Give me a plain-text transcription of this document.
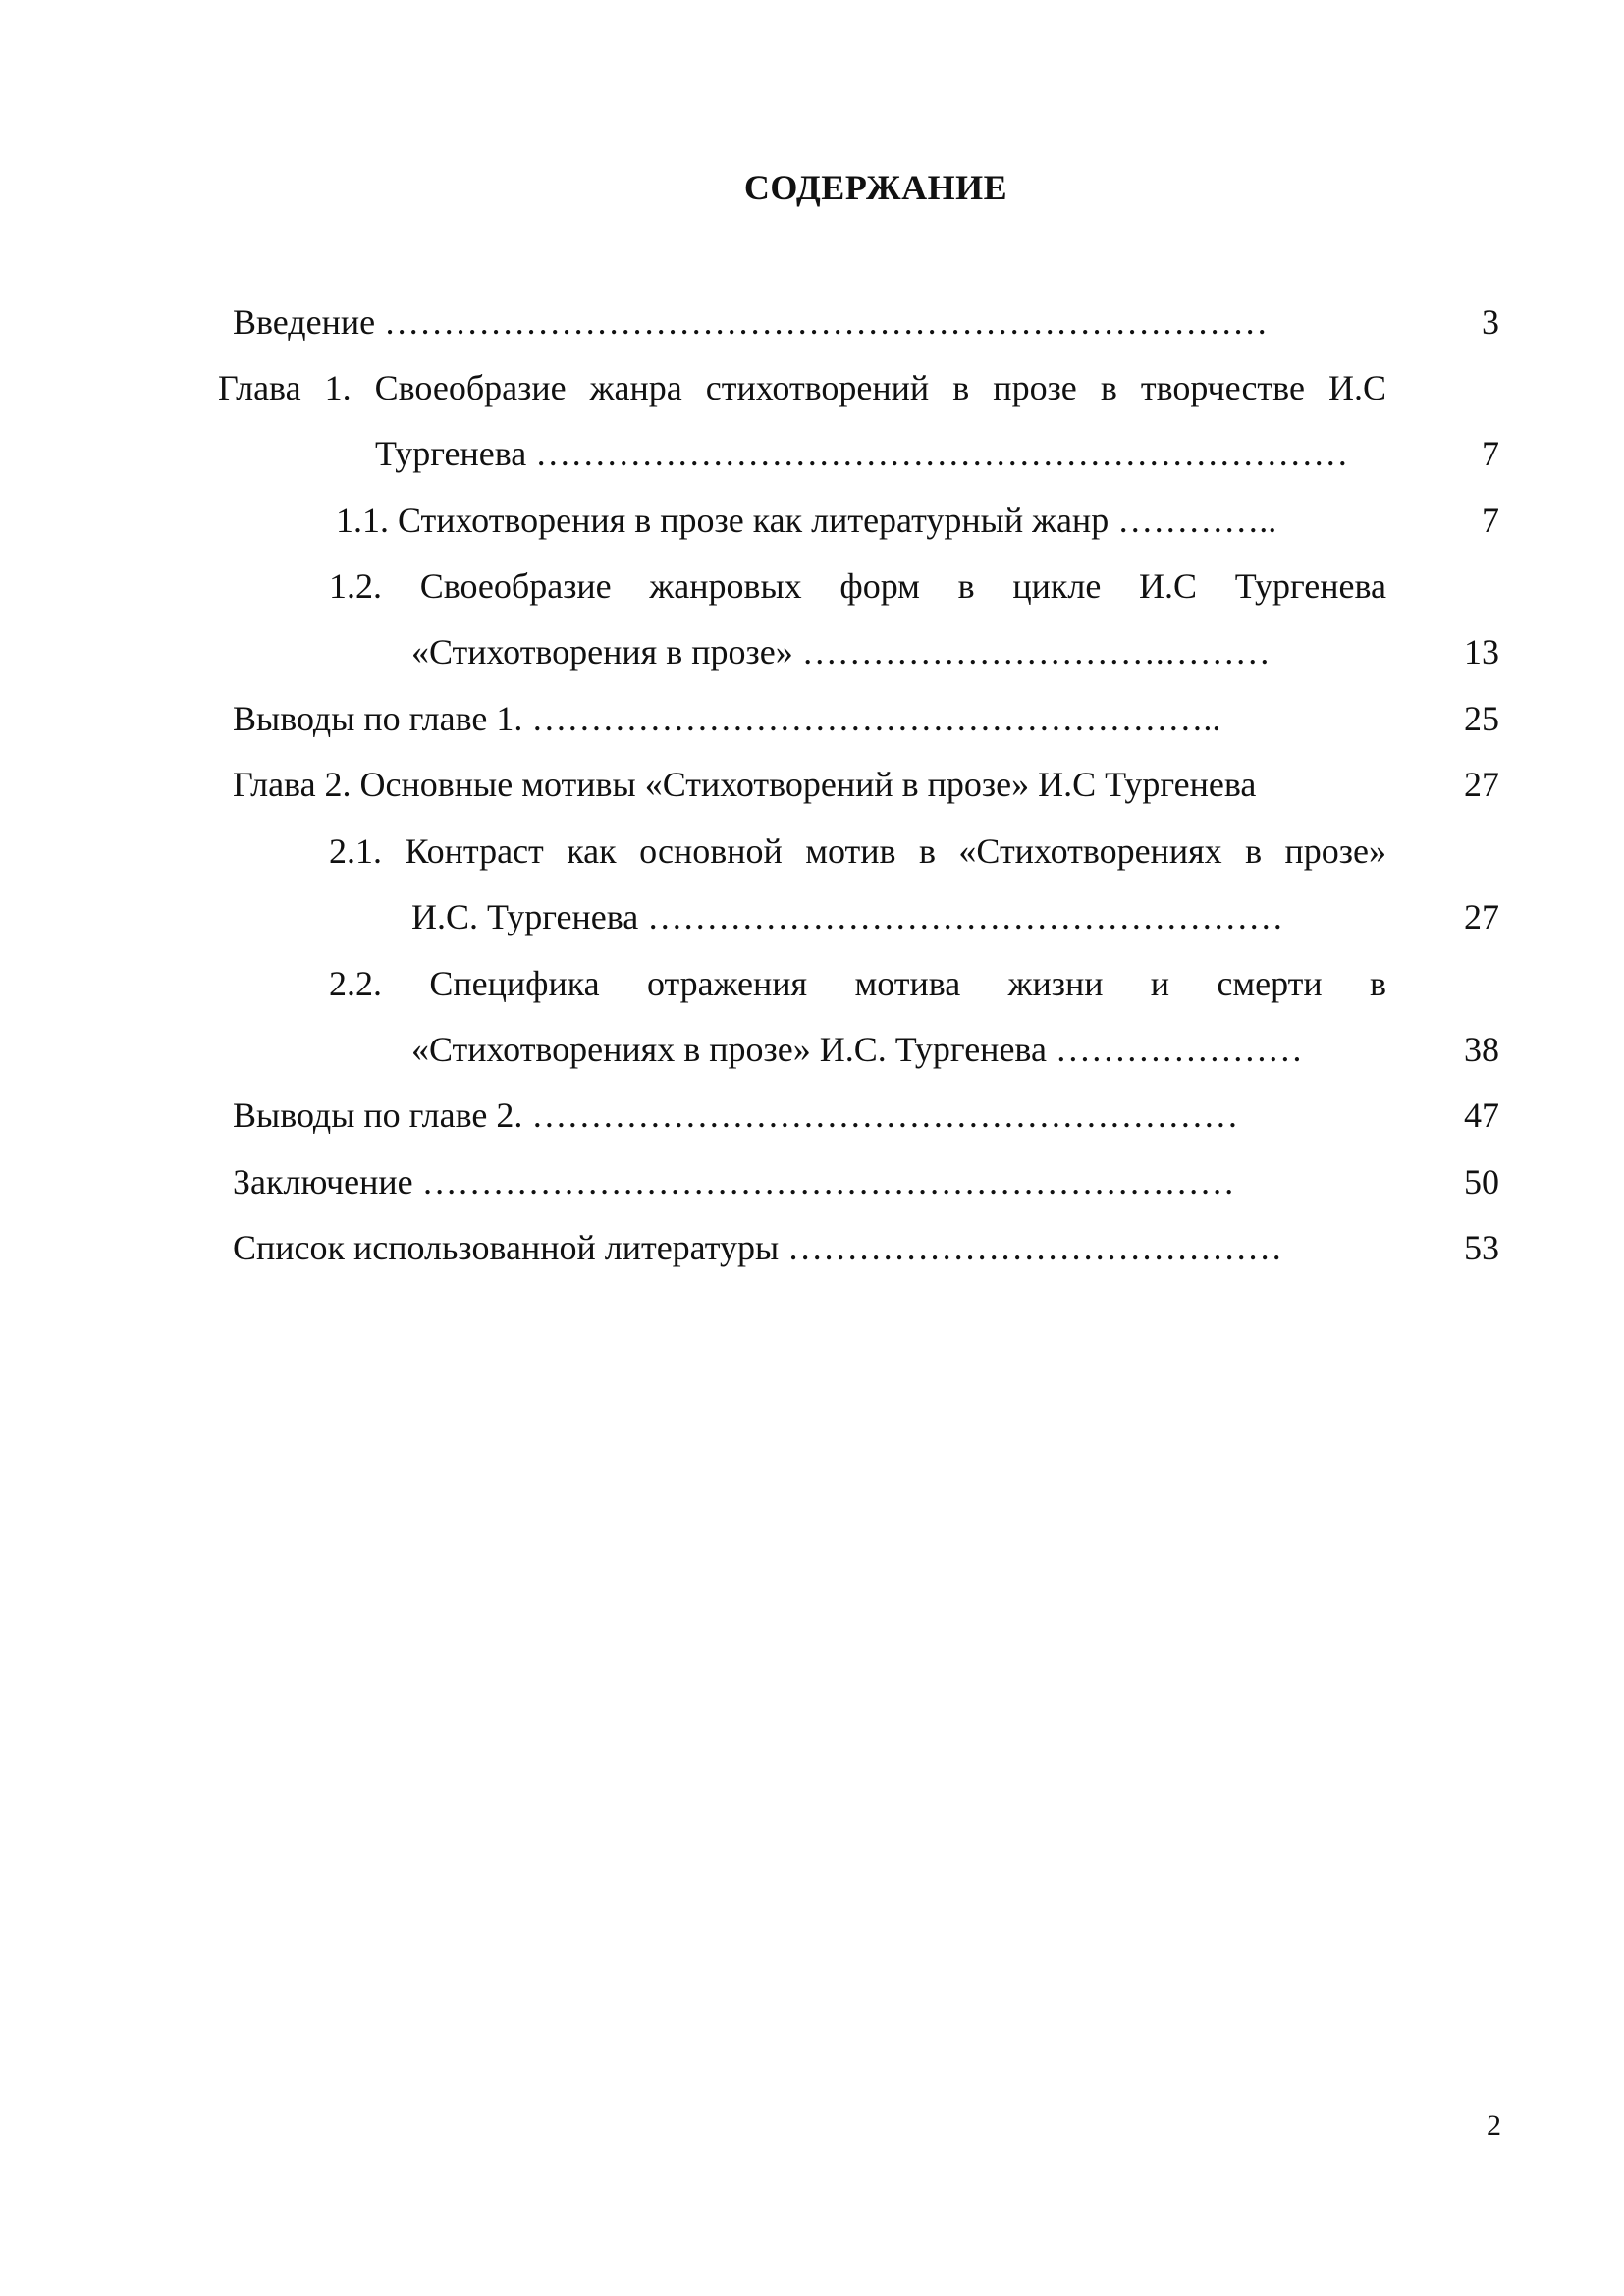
СОДЕРЖАНИЕ
Введение …………………………………………………………………	3
Глава 1. Своеобразие жанра стихотворений в прозе в творчестве И.С
Тургенева ……………………………………………………………	7
1.1. Стихотворения в прозе как литературный жанр …………..	7
1.2. Своеобразие жанровых форм в цикле И.С Тургенева
«Стихотворения в прозе» ………………………….………	13
Выводы по главе 1. …………………………………………………..	25
Глава 2. Основные мотивы «Стихотворений в прозе» И.С Тургенева	27
2.1. Контраст как основной мотив в «Стихотворениях в прозе»
И.С. Тургенева ………………………………………………	27
2.2. Специфика отражения мотива жизни и смерти в
«Стихотворениях в прозе» И.С. Тургенева …………………	38
Выводы по главе 2. ……………………………………………………	47
Заключение ……………………………………………………………	50
Список использованной литературы ……………………………………	53
2
